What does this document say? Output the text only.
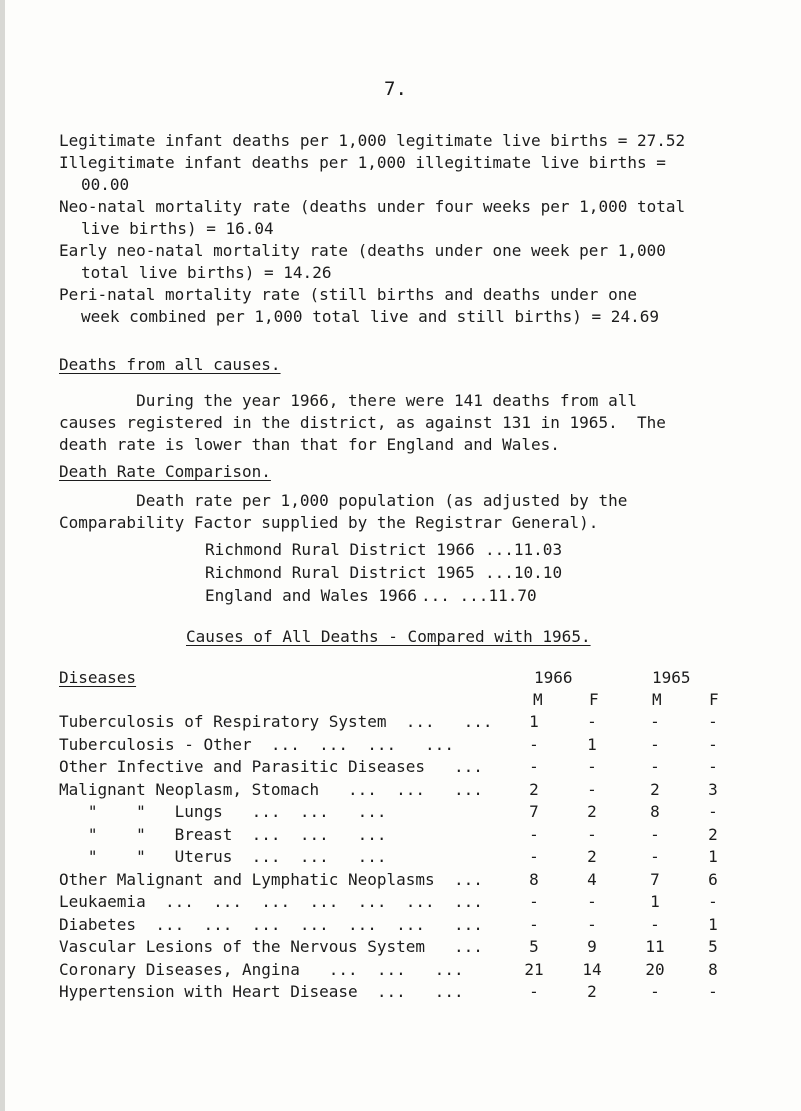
7.

Legitimate infant deaths per 1,000 legitimate live births = 27.52

Illegitimate infant deaths per 1,000 illegitimate live births =
00.00

Neo-natal mortality rate (deaths under four weeks per 1,000 total
live births) = 16.04

Early neo-natal mortality rate (deaths under one week per 1,000
total live births) = 14.26

Peri-natal mortality rate (still births and deaths under one
week combined per 1,000 total live and still births) = 24.69

Deaths from all causes.

During the year 1966, there were 141 deaths from all
causes registered in the district, as against 131 in 1965.  The
death rate is lower than that for England and Wales.

Death Rate Comparison.

Death rate per 1,000 population (as adjusted by the
Comparability Factor supplied by the Registrar General).

Richmond Rural District 1966 ... 11.03
Richmond Rural District 1965 ... 10.10
England and Wales 1966 ... ... 11.70
Causes of All Deaths - Compared with 1965.
Diseases	1966	1965
M	F	M	F
Tuberculosis of Respiratory System  ...   ...	1	-	-	-
Tuberculosis - Other  ...  ...  ...   ...	-	1	-	-
Other Infective and Parasitic Diseases   ...	-	-	-	-
Malignant Neoplasm, Stomach   ...  ...   ...	2	-	2	3
"    "   Lungs   ...  ...   ...	7	2	8	-
"    "   Breast  ...  ...   ...	-	-	-	2
"    "   Uterus  ...  ...   ...	-	2	-	1
Other Malignant and Lymphatic Neoplasms  ...	8	4	7	6
Leukaemia  ...  ...  ...  ...  ...  ...  ...	-	-	1	-
Diabetes  ...  ...  ...  ...  ...  ...   ...	-	-	-	1
Vascular Lesions of the Nervous System   ...	5	9	11	5
Coronary Diseases, Angina   ...  ...   ...	21 14	20	8
Hypertension with Heart Disease  ...   ...	-	2	-	-
